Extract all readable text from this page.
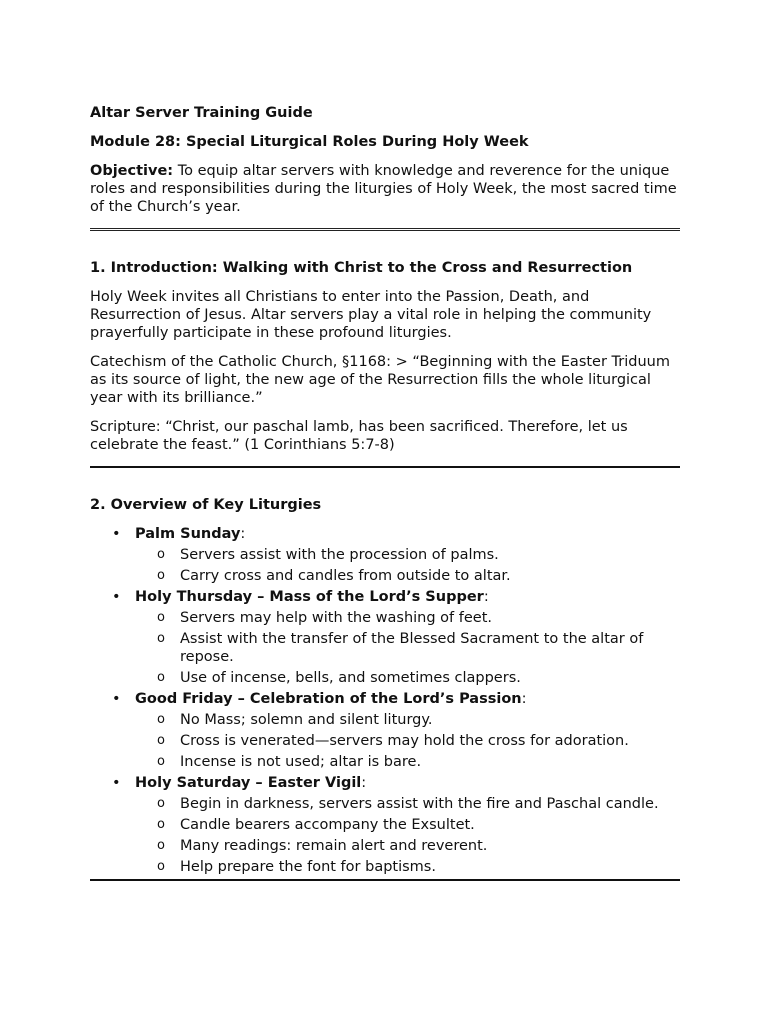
Altar Server Training Guide

Module 28: Special Liturgical Roles During Holy Week

Objective: To equip altar servers with knowledge and reverence for the unique roles and responsibilities during the liturgies of Holy Week, the most sacred time of the Church’s year.

1. Introduction: Walking with Christ to the Cross and Resurrection

Holy Week invites all Christians to enter into the Passion, Death, and Resurrection of Jesus. Altar servers play a vital role in helping the community prayerfully participate in these profound liturgies.

Catechism of the Catholic Church, §1168: > “Beginning with the Easter Triduum as its source of light, the new age of the Resurrection fills the whole liturgical year with its brilliance.”

Scripture: “Christ, our paschal lamb, has been sacrificed. Therefore, let us celebrate the feast.” (1 Corinthians 5:7-8)

2. Overview of Key Liturgies

• Palm Sunday:
o Servers assist with the procession of palms.
o Carry cross and candles from outside to altar.
• Holy Thursday – Mass of the Lord’s Supper:
o Servers may help with the washing of feet.
o Assist with the transfer of the Blessed Sacrament to the altar of repose.
o Use of incense, bells, and sometimes clappers.
• Good Friday – Celebration of the Lord’s Passion:
o No Mass; solemn and silent liturgy.
o Cross is venerated—servers may hold the cross for adoration.
o Incense is not used; altar is bare.
• Holy Saturday – Easter Vigil:
o Begin in darkness, servers assist with the fire and Paschal candle.
o Candle bearers accompany the Exsultet.
o Many readings: remain alert and reverent.
o Help prepare the font for baptisms.
